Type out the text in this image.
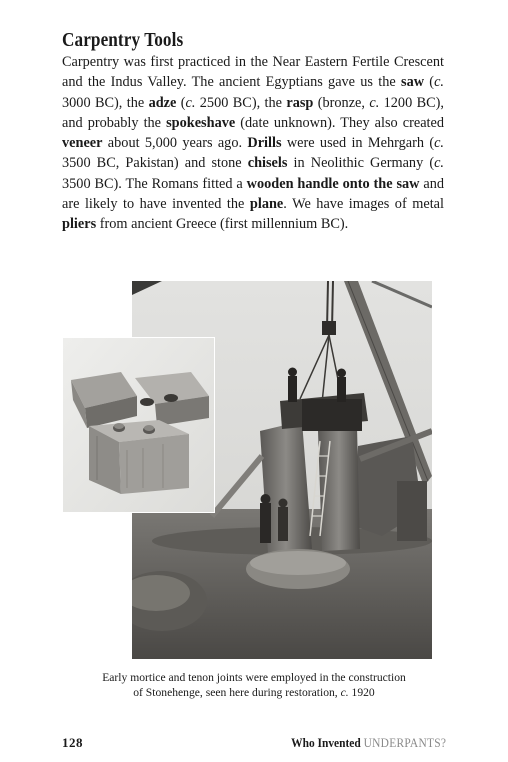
Carpentry Tools

Carpentry was first practiced in the Near Eastern Fertile Crescent and the Indus Valley. The ancient Egyptians gave us the saw (c. 3000 BC), the adze (c. 2500 BC), the rasp (bronze, c. 1200 BC), and probably the spokeshave (date unknown). They also created veneer about 5,000 years ago. Drills were used in Mehrgarh (c. 3500 BC, Pakistan) and stone chisels in Neolithic Germany (c. 3500 BC). The Romans fitted a wooden handle onto the saw and are likely to have invented the plane. We have images of metal pliers from ancient Greece (first millennium BC).

Early mortice and tenon joints were employed in the construction
of Stonehenge, seen here during restoration, c. 1920

128	Who Invented UNDERPANTS?
